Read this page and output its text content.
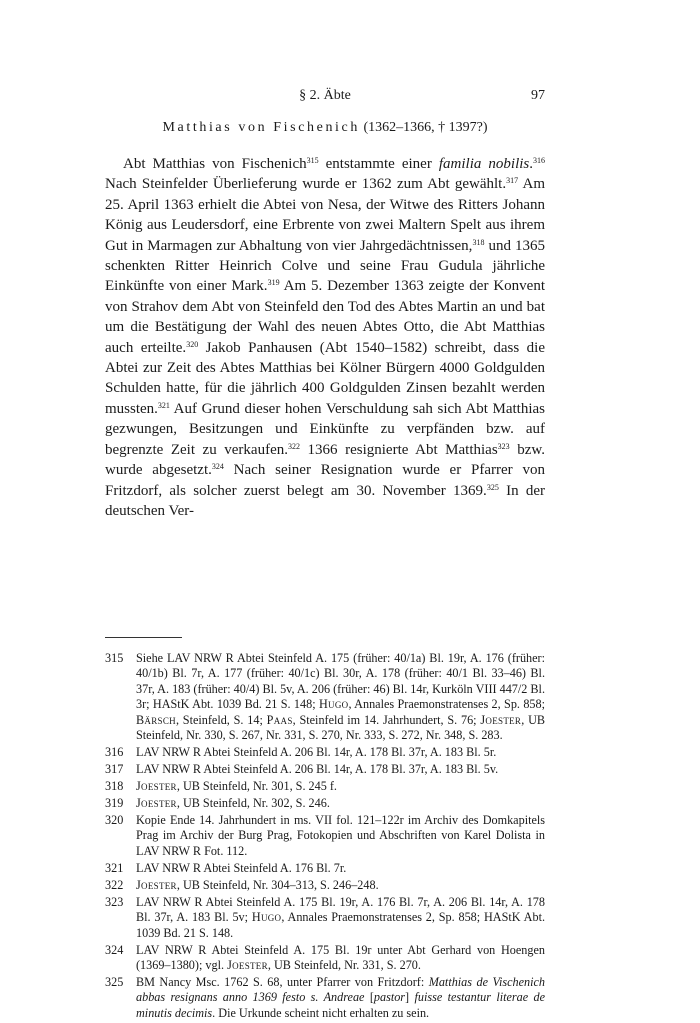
§ 2. Äbte	97
Matthias von Fischenich (1362–1366, † 1397?)

Abt Matthias von Fischenich$^{315}$ entstammte einer familia nobilis.$^{316}$ Nach Steinfelder Überlieferung wurde er 1362 zum Abt gewählt.$^{317}$ Am 25. April 1363 erhielt die Abtei von Nesa, der Witwe des Ritters Johann König aus Leudersdorf, eine Erbrente von zwei Maltern Spelt aus ihrem Gut in Marmagen zur Abhaltung von vier Jahrgedächtnissen,$^{318}$ und 1365 schenkten Ritter Heinrich Colve und seine Frau Gudula jährliche Einkünfte von einer Mark.$^{319}$ Am 5. Dezember 1363 zeigte der Konvent von Strahov dem Abt von Steinfeld den Tod des Abtes Martin an und bat um die Bestätigung der Wahl des neuen Abtes Otto, die Abt Matthias auch erteilte.$^{320}$ Jakob Panhausen (Abt 1540–1582) schreibt, dass die Abtei zur Zeit des Abtes Matthias bei Kölner Bürgern 4000 Goldgulden Schulden hatte, für die jährlich 400 Goldgulden Zinsen bezahlt werden mussten.$^{321}$ Auf Grund dieser hohen Verschuldung sah sich Abt Matthias gezwungen, Besitzungen und Einkünfte zu verpfänden bzw. auf begrenzte Zeit zu verkaufen.$^{322}$ 1366 resignierte Abt Matthias$^{323}$ bzw. wurde abgesetzt.$^{324}$ Nach seiner Resignation wurde er Pfarrer von Fritzdorf, als solcher zuerst belegt am 30. November 1369.$^{325}$ In der deutschen Ver-

315	Siehe LAV NRW R Abtei Steinfeld A. 175 (früher: 40/1a) Bl. 19r, A. 176 (früher: 40/1b) Bl. 7r, A. 177 (früher: 40/1c) Bl. 30r, A. 178 (früher: 40/1 Bl. 33–46) Bl. 37r, A. 183 (früher: 40/4) Bl. 5v, A. 206 (früher: 46) Bl. 14r, Kurköln VIII 447/2 Bl. 3r; HAStK Abt. 1039 Bd. 21 S. 148; Hugo, Annales Praemonstratenses 2, Sp. 858; Bärsch, Steinfeld, S. 14; Paas, Steinfeld im 14. Jahrhundert, S. 76; Joester, UB Steinfeld, Nr. 330, S. 267, Nr. 331, S. 270, Nr. 333, S. 272, Nr. 348, S. 283.
316	LAV NRW R Abtei Steinfeld A. 206 Bl. 14r, A. 178 Bl. 37r, A. 183 Bl. 5r.
317	LAV NRW R Abtei Steinfeld A. 206 Bl. 14r, A. 178 Bl. 37r, A. 183 Bl. 5v.
318	Joester, UB Steinfeld, Nr. 301, S. 245 f.
319	Joester, UB Steinfeld, Nr. 302, S. 246.
320	Kopie Ende 14. Jahrhundert in ms. VII fol. 121–122r im Archiv des Domkapitels Prag im Archiv der Burg Prag, Fotokopien und Abschriften von Karel Dolista in LAV NRW R Fot. 112.
321	LAV NRW R Abtei Steinfeld A. 176 Bl. 7r.
322	Joester, UB Steinfeld, Nr. 304–313, S. 246–248.
323	LAV NRW R Abtei Steinfeld A. 175 Bl. 19r, A. 176 Bl. 7r, A. 206 Bl. 14r, A. 178 Bl. 37r, A. 183 Bl. 5v; Hugo, Annales Praemonstratenses 2, Sp. 858; HAStK Abt. 1039 Bd. 21 S. 148.
324	LAV NRW R Abtei Steinfeld A. 175 Bl. 19r unter Abt Gerhard von Hoengen (1369–1380); vgl. Joester, UB Steinfeld, Nr. 331, S. 270.
325	BM Nancy Msc. 1762 S. 68, unter Pfarrer von Fritzdorf: Matthias de Vischenich abbas resignans anno 1369 festo s. Andreae [pastor] fuisse testantur literae de minutis decimis. Die Urkunde scheint nicht erhalten zu sein.
